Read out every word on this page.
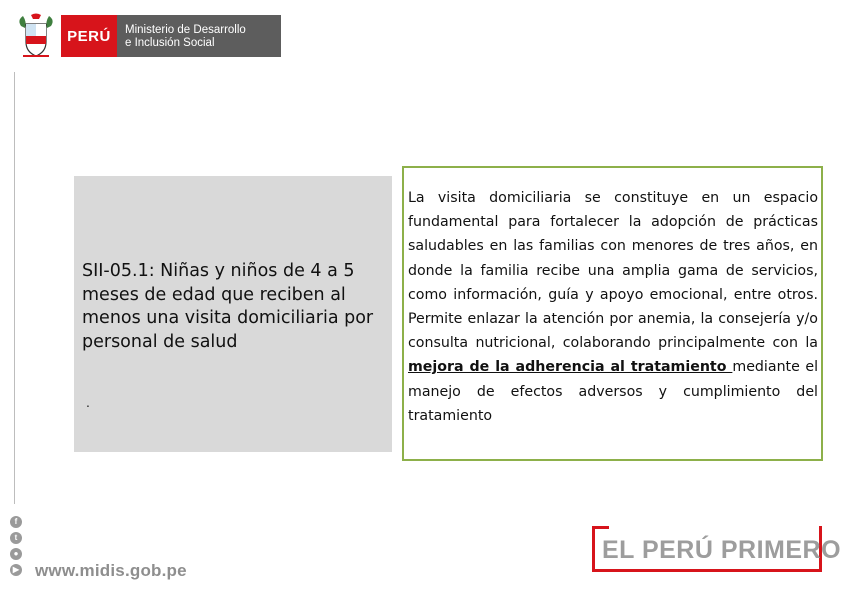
PERÚ	Ministerio de Desarrollo
e Inclusión Social
SII-05.1: Niñas y niños de 4 a 5 meses de edad que reciben al menos una visita domiciliaria por personal de salud
.
La visita domiciliaria se constituye en un espacio fundamental para fortalecer la adopción de prácticas saludables en las familias con menores de tres años, en donde la familia recibe una amplia gama de servicios, como información, guía y apoyo emocional, entre otros. Permite enlazar la atención por anemia, la consejería y/o consulta nutricional, colaborando principalmente con la mejora de la adherencia al tratamiento mediante el manejo de efectos adversos y cumplimiento del tratamiento
f
t
●
▶ www.midis.gob.pe
EL PERÚ PRIMERO
